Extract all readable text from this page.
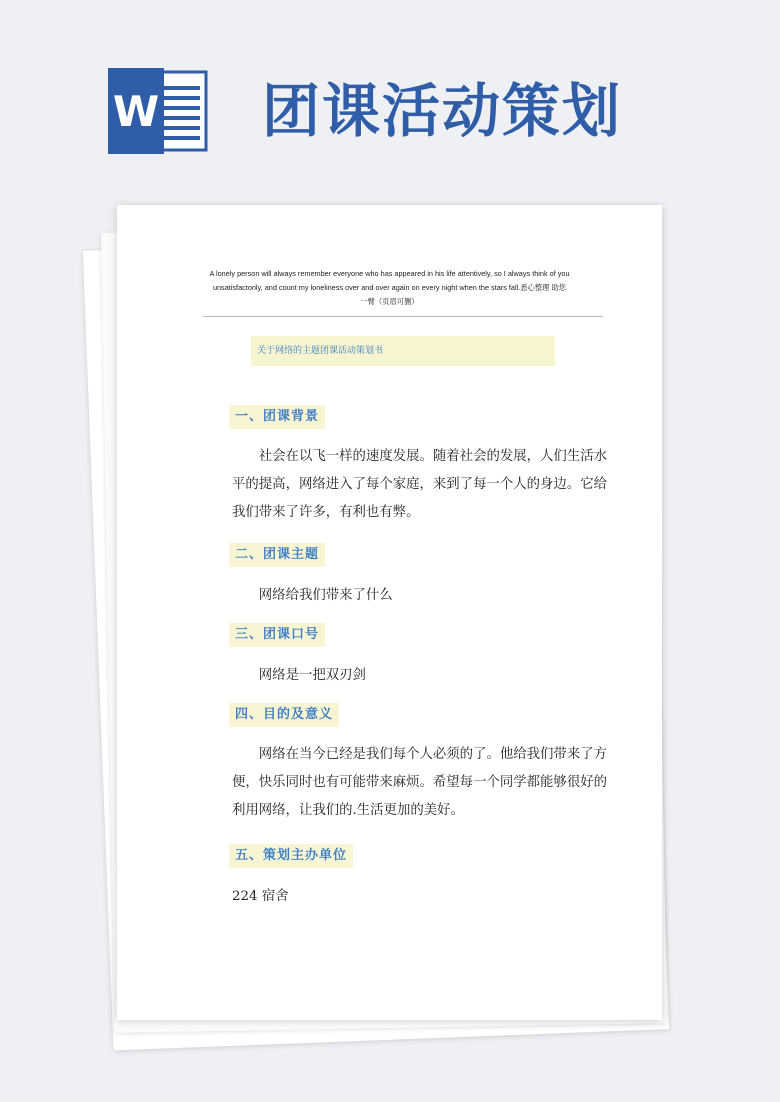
W 团课活动策划
A lonely person will always remember everyone who has appeared in his life attentively, so I always think of you
unsatisfactorily, and count my loneliness over and over again on every night when the stars fall.悉心整理 助您
一臂（页眉可删）
关于网络的主题团课活动策划书
一、团课背景

社会在以飞一样的速度发展。随着社会的发展，人们生活水平的提高，网络进入了每个家庭，来到了每一个人的身边。它给我们带来了许多，有利也有弊。

二、团课主题

网络给我们带来了什么

三、团课口号

网络是一把双刃剑

四、目的及意义

网络在当今已经是我们每个人必须的了。他给我们带来了方便，快乐同时也有可能带来麻烦。希望每一个同学都能够很好的利用网络，让我们的.生活更加的美好。

五、策划主办单位

224 宿舍
